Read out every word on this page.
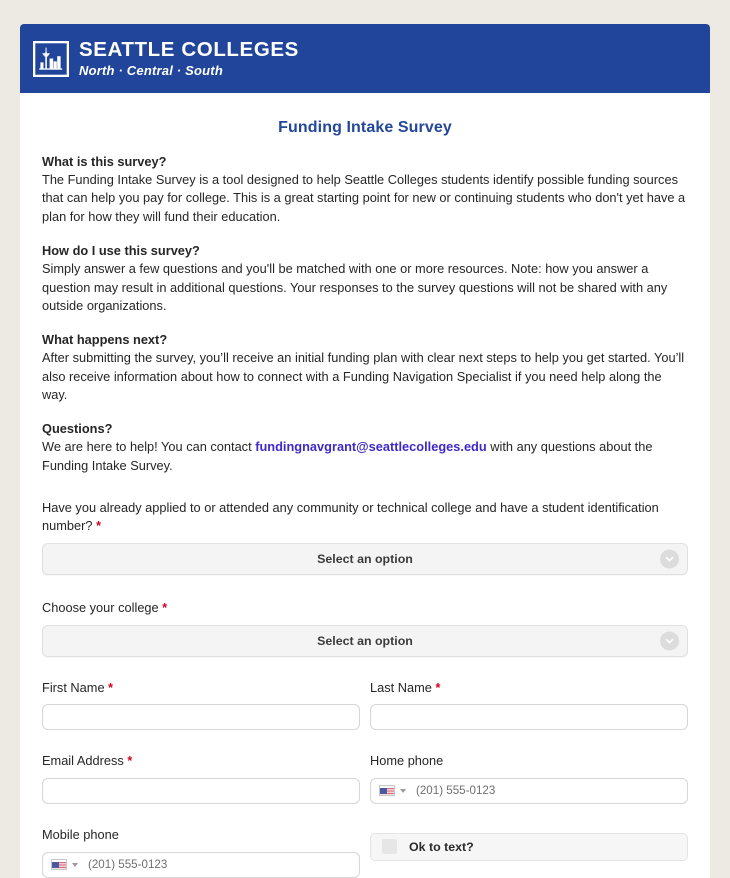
SEATTLE COLLEGES
North · Central · South
Funding Intake Survey
What is this survey?
The Funding Intake Survey is a tool designed to help Seattle Colleges students identify possible funding sources that can help you pay for college. This is a great starting point for new or continuing students who don't yet have a plan for how they will fund their education.
How do I use this survey?
Simply answer a few questions and you'll be matched with one or more resources. Note: how you answer a question may result in additional questions. Your responses to the survey questions will not be shared with any outside organizations.
What happens next?
After submitting the survey, you’ll receive an initial funding plan with clear next steps to help you get started. You’ll also receive information about how to connect with a Funding Navigation Specialist if you need help along the way.
Questions?
We are here to help! You can contact fundingnavgrant@seattlecolleges.edu with any questions about the Funding Intake Survey.
Have you already applied to or attended any community or technical college and have a student identification number? *
Select an option
Choose your college *
Select an option
First Name *	Last Name *
Email Address *	Home phone
(201) 555-0123
Mobile phone

(201) 555-0123
Ok to text?
